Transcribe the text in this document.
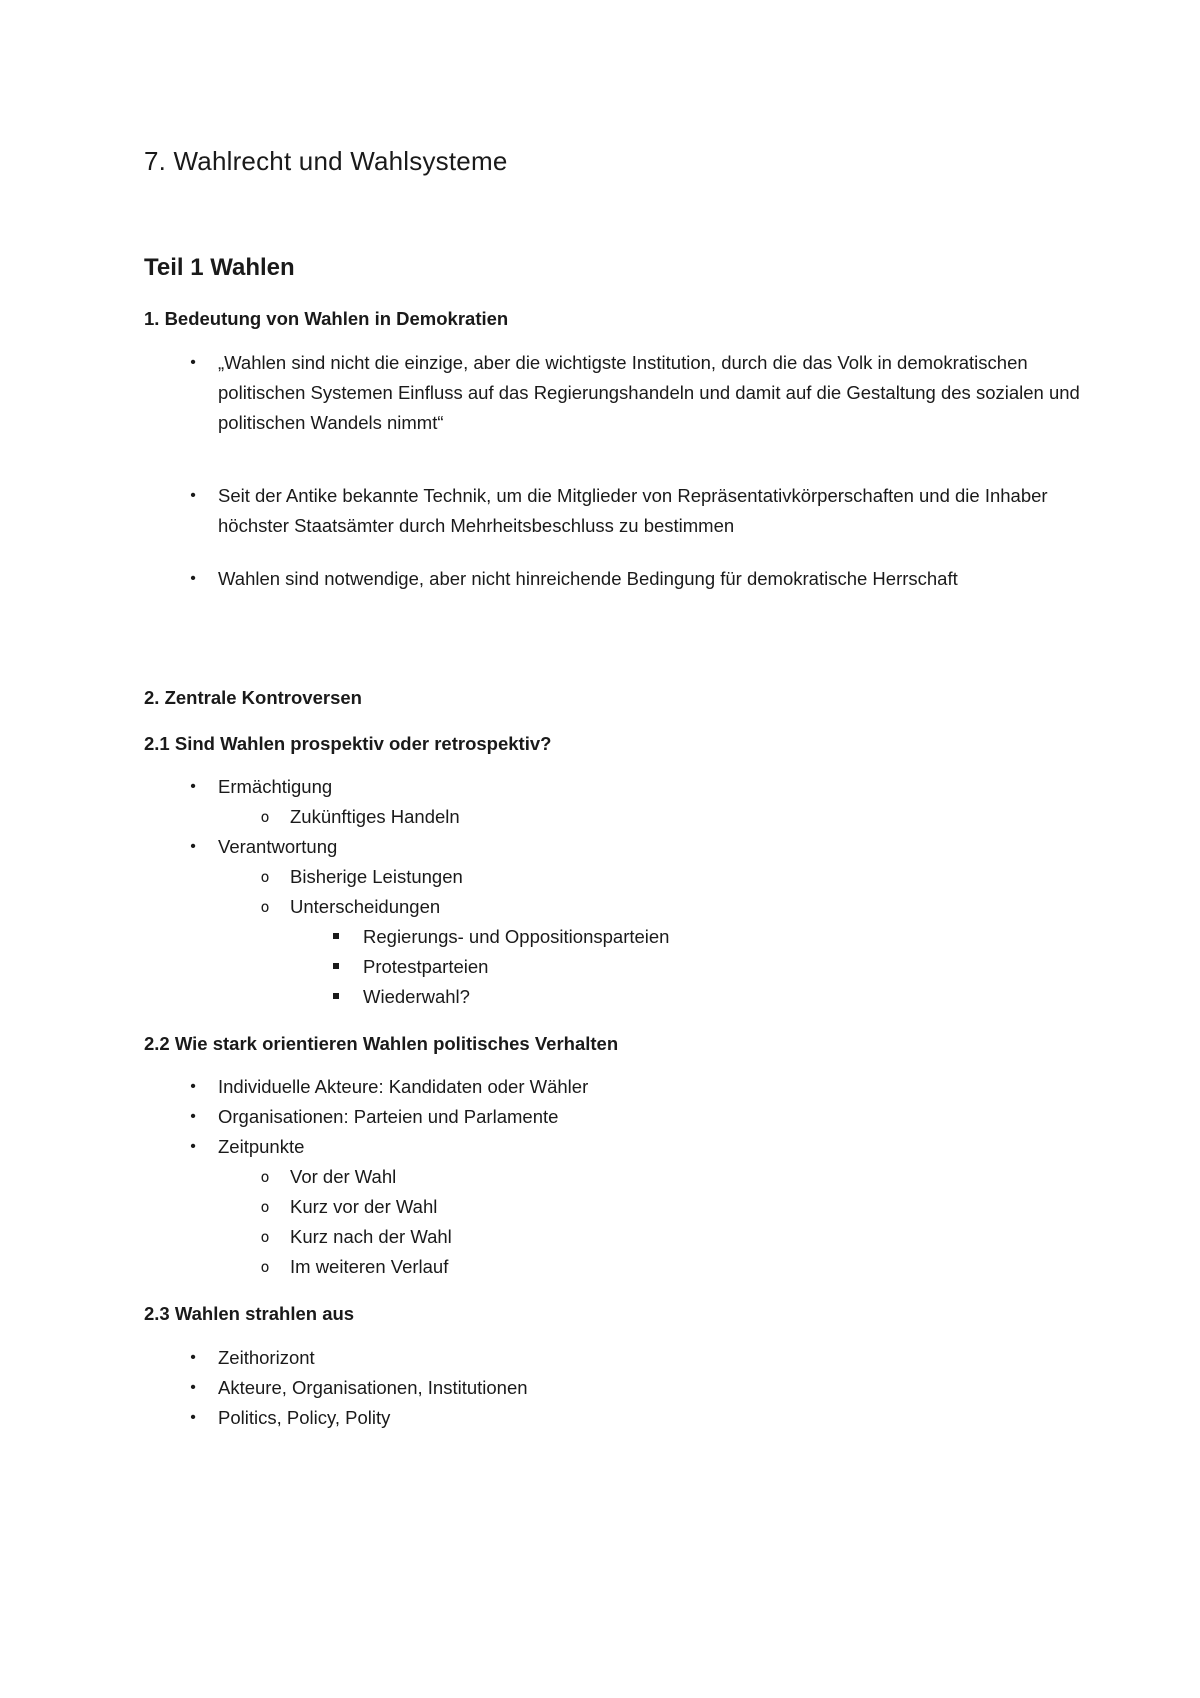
7. Wahlrecht und Wahlsysteme
Teil 1 Wahlen
1. Bedeutung von Wahlen in Demokratien
• „Wahlen sind nicht die einzige, aber die wichtigste Institution, durch die das Volk in demokratischen politischen Systemen Einfluss auf das Regierungshandeln und damit auf die Gestaltung des sozialen und politischen Wandels nimmt“
• Seit der Antike bekannte Technik, um die Mitglieder von Repräsentativkörperschaften und die Inhaber höchster Staatsämter durch Mehrheitsbeschluss zu bestimmen
• Wahlen sind notwendige, aber nicht hinreichende Bedingung für demokratische Herrschaft
2. Zentrale Kontroversen
2.1 Sind Wahlen prospektiv oder retrospektiv?
• Ermächtigung
o Zukünftiges Handeln
• Verantwortung
o Bisherige Leistungen
o Unterscheidungen
Regierungs- und Oppositionsparteien
Protestparteien
Wiederwahl?
2.2 Wie stark orientieren Wahlen politisches Verhalten
• Individuelle Akteure: Kandidaten oder Wähler
• Organisationen: Parteien und Parlamente
• Zeitpunkte
o Vor der Wahl
o Kurz vor der Wahl
o Kurz nach der Wahl
o Im weiteren Verlauf
2.3 Wahlen strahlen aus
• Zeithorizont
• Akteure, Organisationen, Institutionen
• Politics, Policy, Polity
